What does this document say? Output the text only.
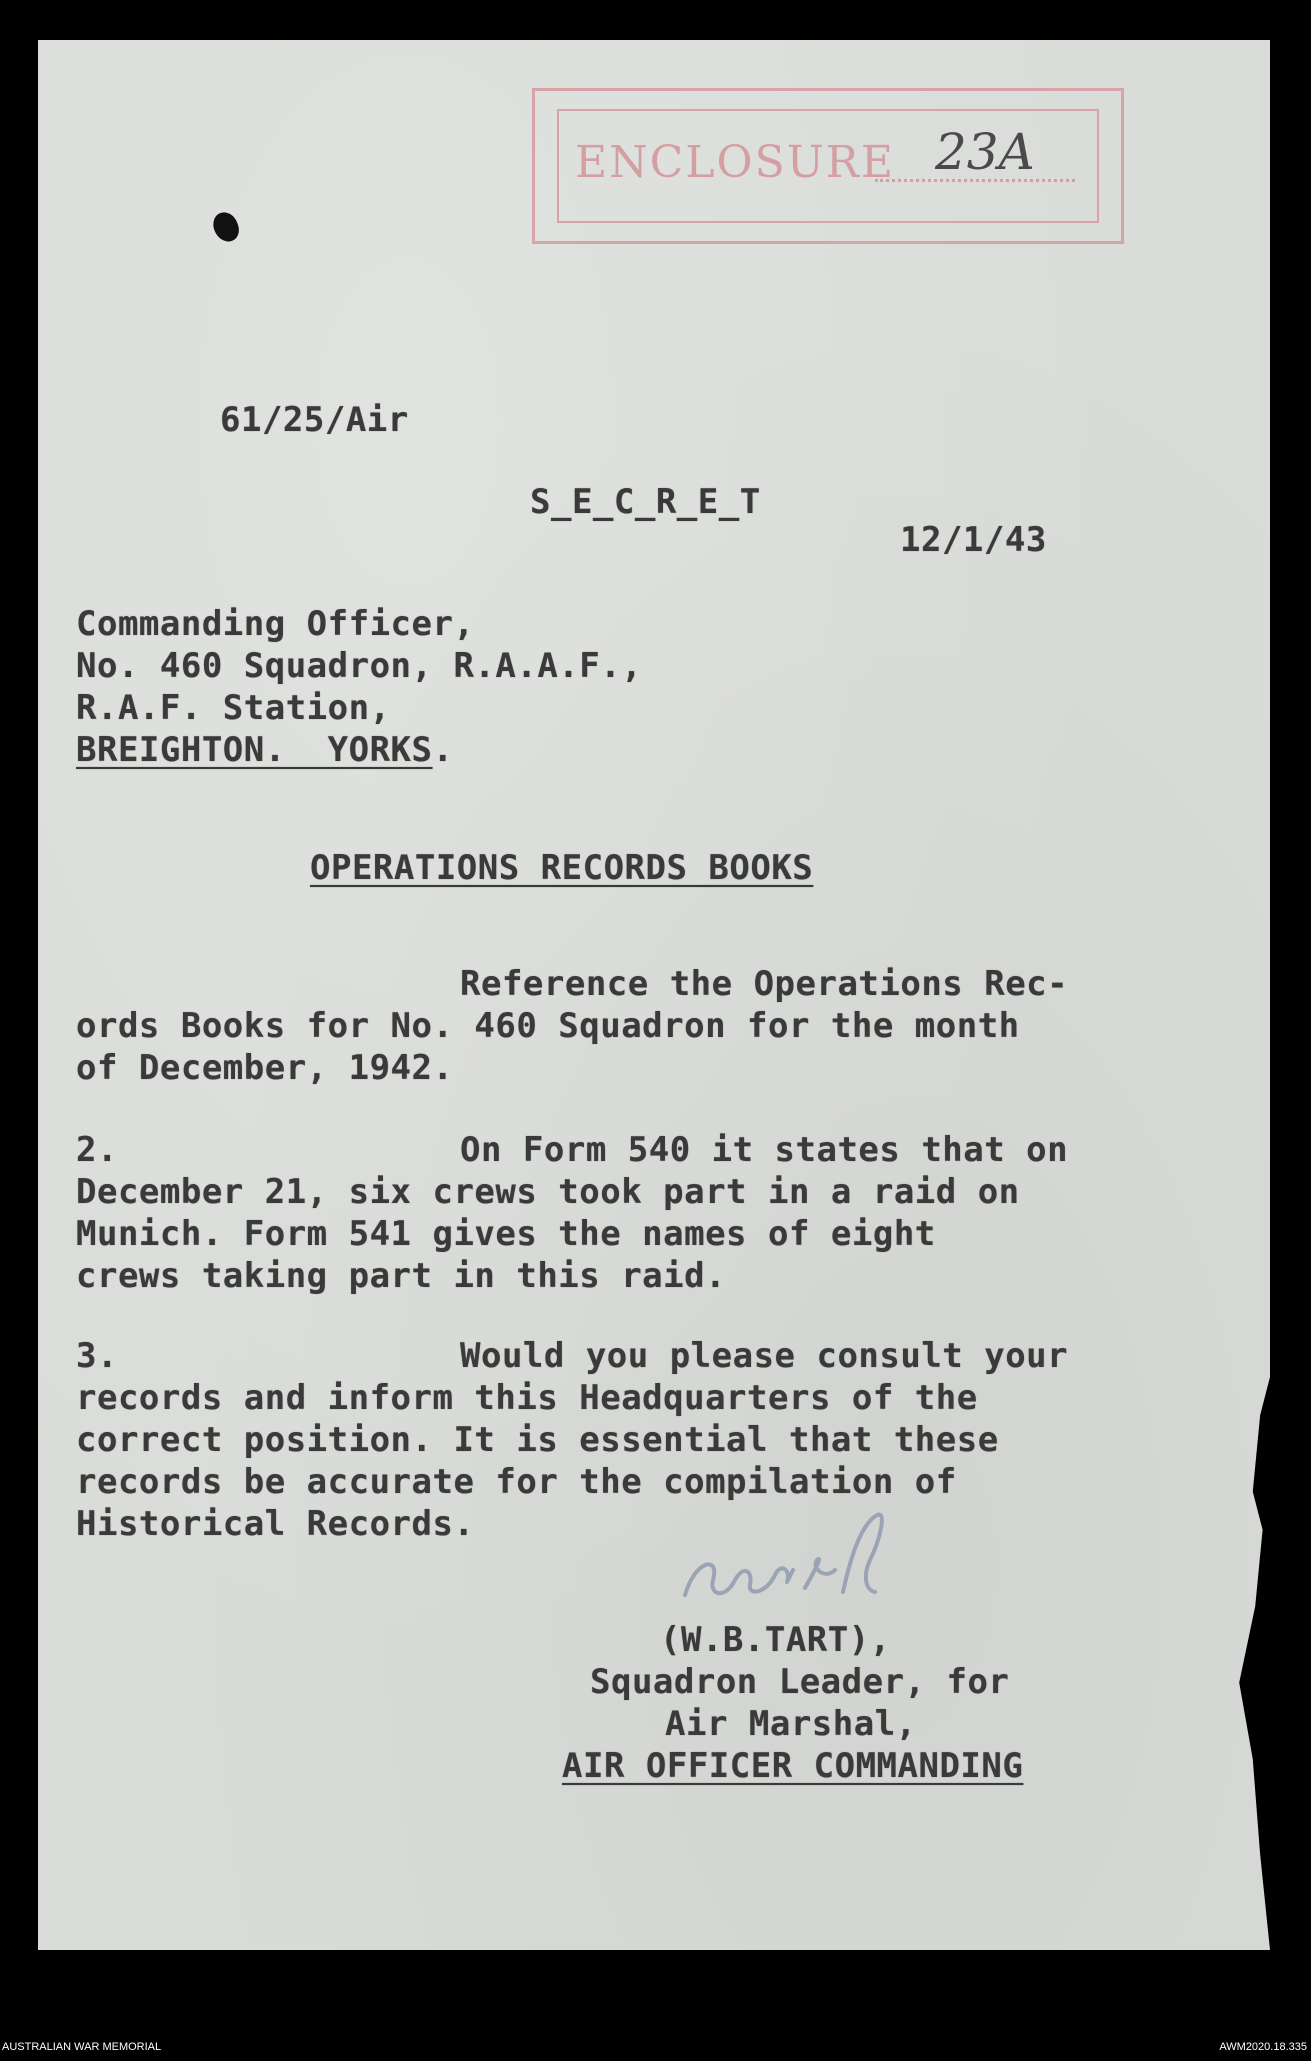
ENCLOSURE 23A
61/25/Air
S_E_C_R_E_T
12/1/43
Commanding Officer,
No. 460 Squadron, R.A.A.F.,
R.A.F. Station,
BREIGHTON.  YORKS.
OPERATIONS RECORDS BOOKS
Reference the Operations Rec-
ords Books for No. 460 Squadron for the month
of December, 1942.
2.	On Form 540 it states that on
December 21, six crews took part in a raid on
Munich. Form 541 gives the names of eight
crews taking part in this raid.
3.	Would you please consult your
records and inform this Headquarters of the
correct position. It is essential that these
records be accurate for the compilation of
Historical Records.
(W.B.TART),
Squadron Leader, for
Air Marshal,
AIR OFFICER COMMANDING
AUSTRALIAN WAR MEMORIAL	AWM2020.18.335
